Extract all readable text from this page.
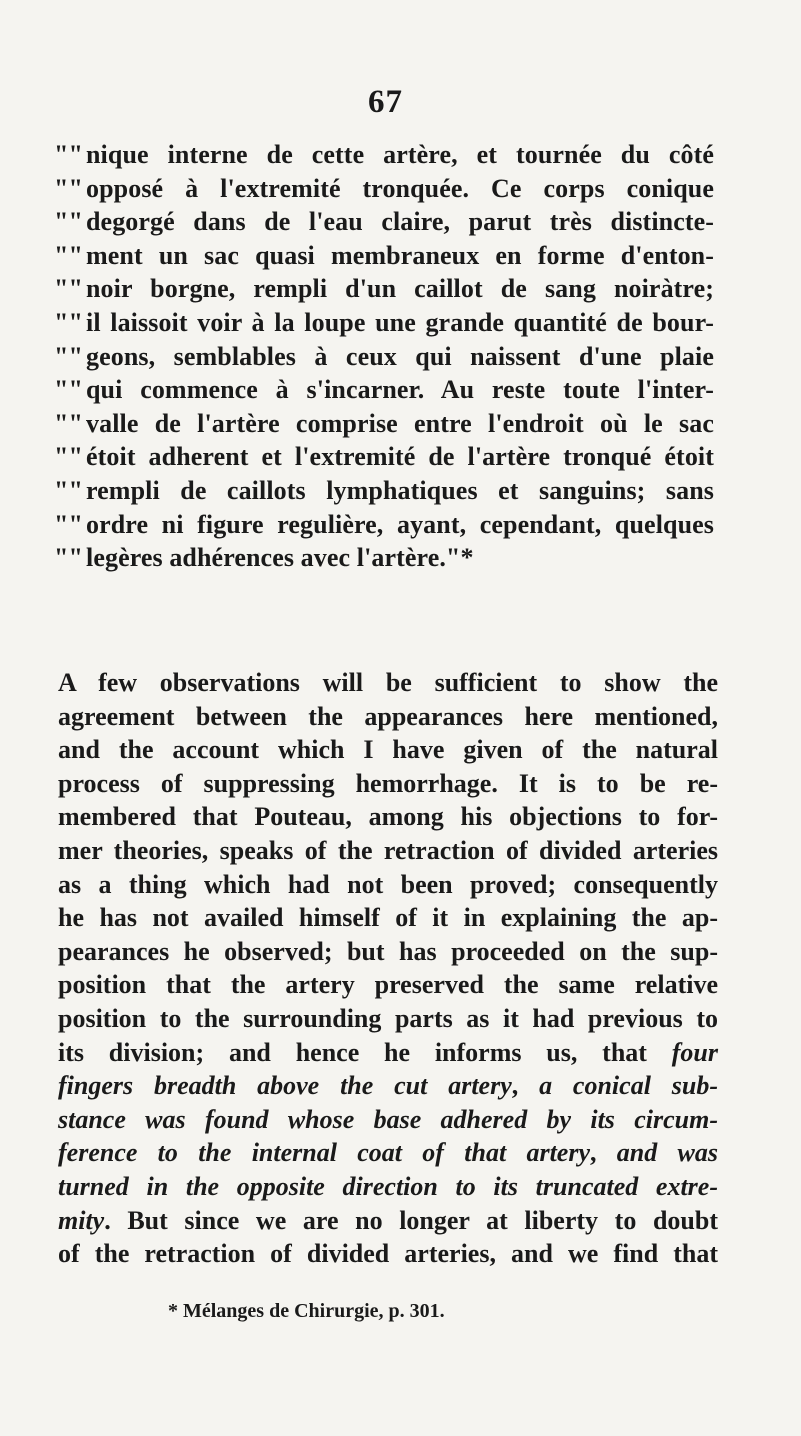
67
"" nique interne de cette artère, et tournée du côté
"" opposé à l'extremité tronquée. Ce corps conique
"" degorgé dans de l'eau claire, parut très distincte-
"" ment un sac quasi membraneux en forme d'enton-
"" noir borgne, rempli d'un caillot de sang noiràtre;
"" il laissoit voir à la loupe une grande quantité de bour-
"" geons, semblables à ceux qui naissent d'une plaie
"" qui commence à s'incarner. Au reste toute l'inter-
"" valle de l'artère comprise entre l'endroit où le sac
"" étoit adherent et l'extremité de l'artère tronqué étoit
"" rempli de caillots lymphatiques et sanguins; sans
"" ordre ni figure regulière, ayant, cependant, quelques
"" legères adhérences avec l'artère."*
A few observations will be sufficient to show the
agreement between the appearances here mentioned,
and the account which I have given of the natural
process of suppressing hemorrhage. It is to be re-
membered that Pouteau, among his objections to for-
mer theories, speaks of the retraction of divided arteries
as a thing which had not been proved; consequently
he has not availed himself of it in explaining the ap-
pearances he observed; but has proceeded on the sup-
position that the artery preserved the same relative
position to the surrounding parts as it had previous to
its division; and hence he informs us, that four
fingers breadth above the cut artery, a conical sub-
stance was found whose base adhered by its circum-
ference to the internal coat of that artery, and was
turned in the opposite direction to its truncated extre-
mity. But since we are no longer at liberty to doubt
of the retraction of divided arteries, and we find that
* Mélanges de Chirurgie, p. 301.
